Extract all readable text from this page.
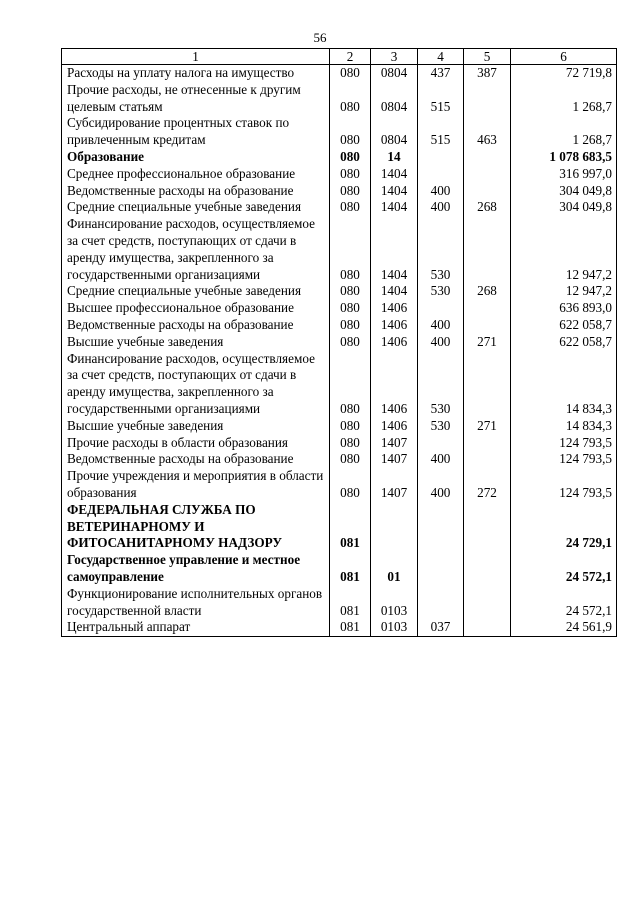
56
1	2	3	4	5	6
Расходы на уплату налога на имущество	080	0804	437	387	72 719,8
Прочие расходы, не отнесенные к другим целевым статьям	080	0804	515		1 268,7
Субсидирование процентных ставок по привлеченным кредитам	080	0804	515	463	1 268,7
Образование	080	14			1 078 683,5
Среднее профессиональное образование	080	1404			316 997,0
Ведомственные расходы на образование	080	1404	400		304 049,8
Средние специальные учебные заведения	080	1404	400	268	304 049,8
Финансирование расходов, осуществляемое за счет средств, поступающих от сдачи в аренду имущества, закрепленного за государственными организациями	080	1404	530		12 947,2
Средние специальные учебные заведения	080	1404	530	268	12 947,2
Высшее профессиональное образование	080	1406			636 893,0
Ведомственные расходы на образование	080	1406	400		622 058,7
Высшие учебные заведения	080	1406	400	271	622 058,7
Финансирование расходов, осуществляемое за счет средств, поступающих от сдачи в аренду имущества, закрепленного за государственными организациями	080	1406	530		14 834,3
Высшие учебные заведения	080	1406	530	271	14 834,3
Прочие расходы в области образования	080	1407			124 793,5
Ведомственные расходы на образование	080	1407	400		124 793,5
Прочие учреждения и мероприятия в области образования	080	1407	400	272	124 793,5
ФЕДЕРАЛЬНАЯ СЛУЖБА ПО ВЕТЕРИНАРНОМУ И ФИТОСАНИТАРНОМУ НАДЗОРУ	081				24 729,1
Государственное управление и местное самоуправление	081	01			24 572,1
Функционирование исполнительных органов государственной власти	081	0103			24 572,1
Центральный аппарат	081	0103	037		24 561,9
